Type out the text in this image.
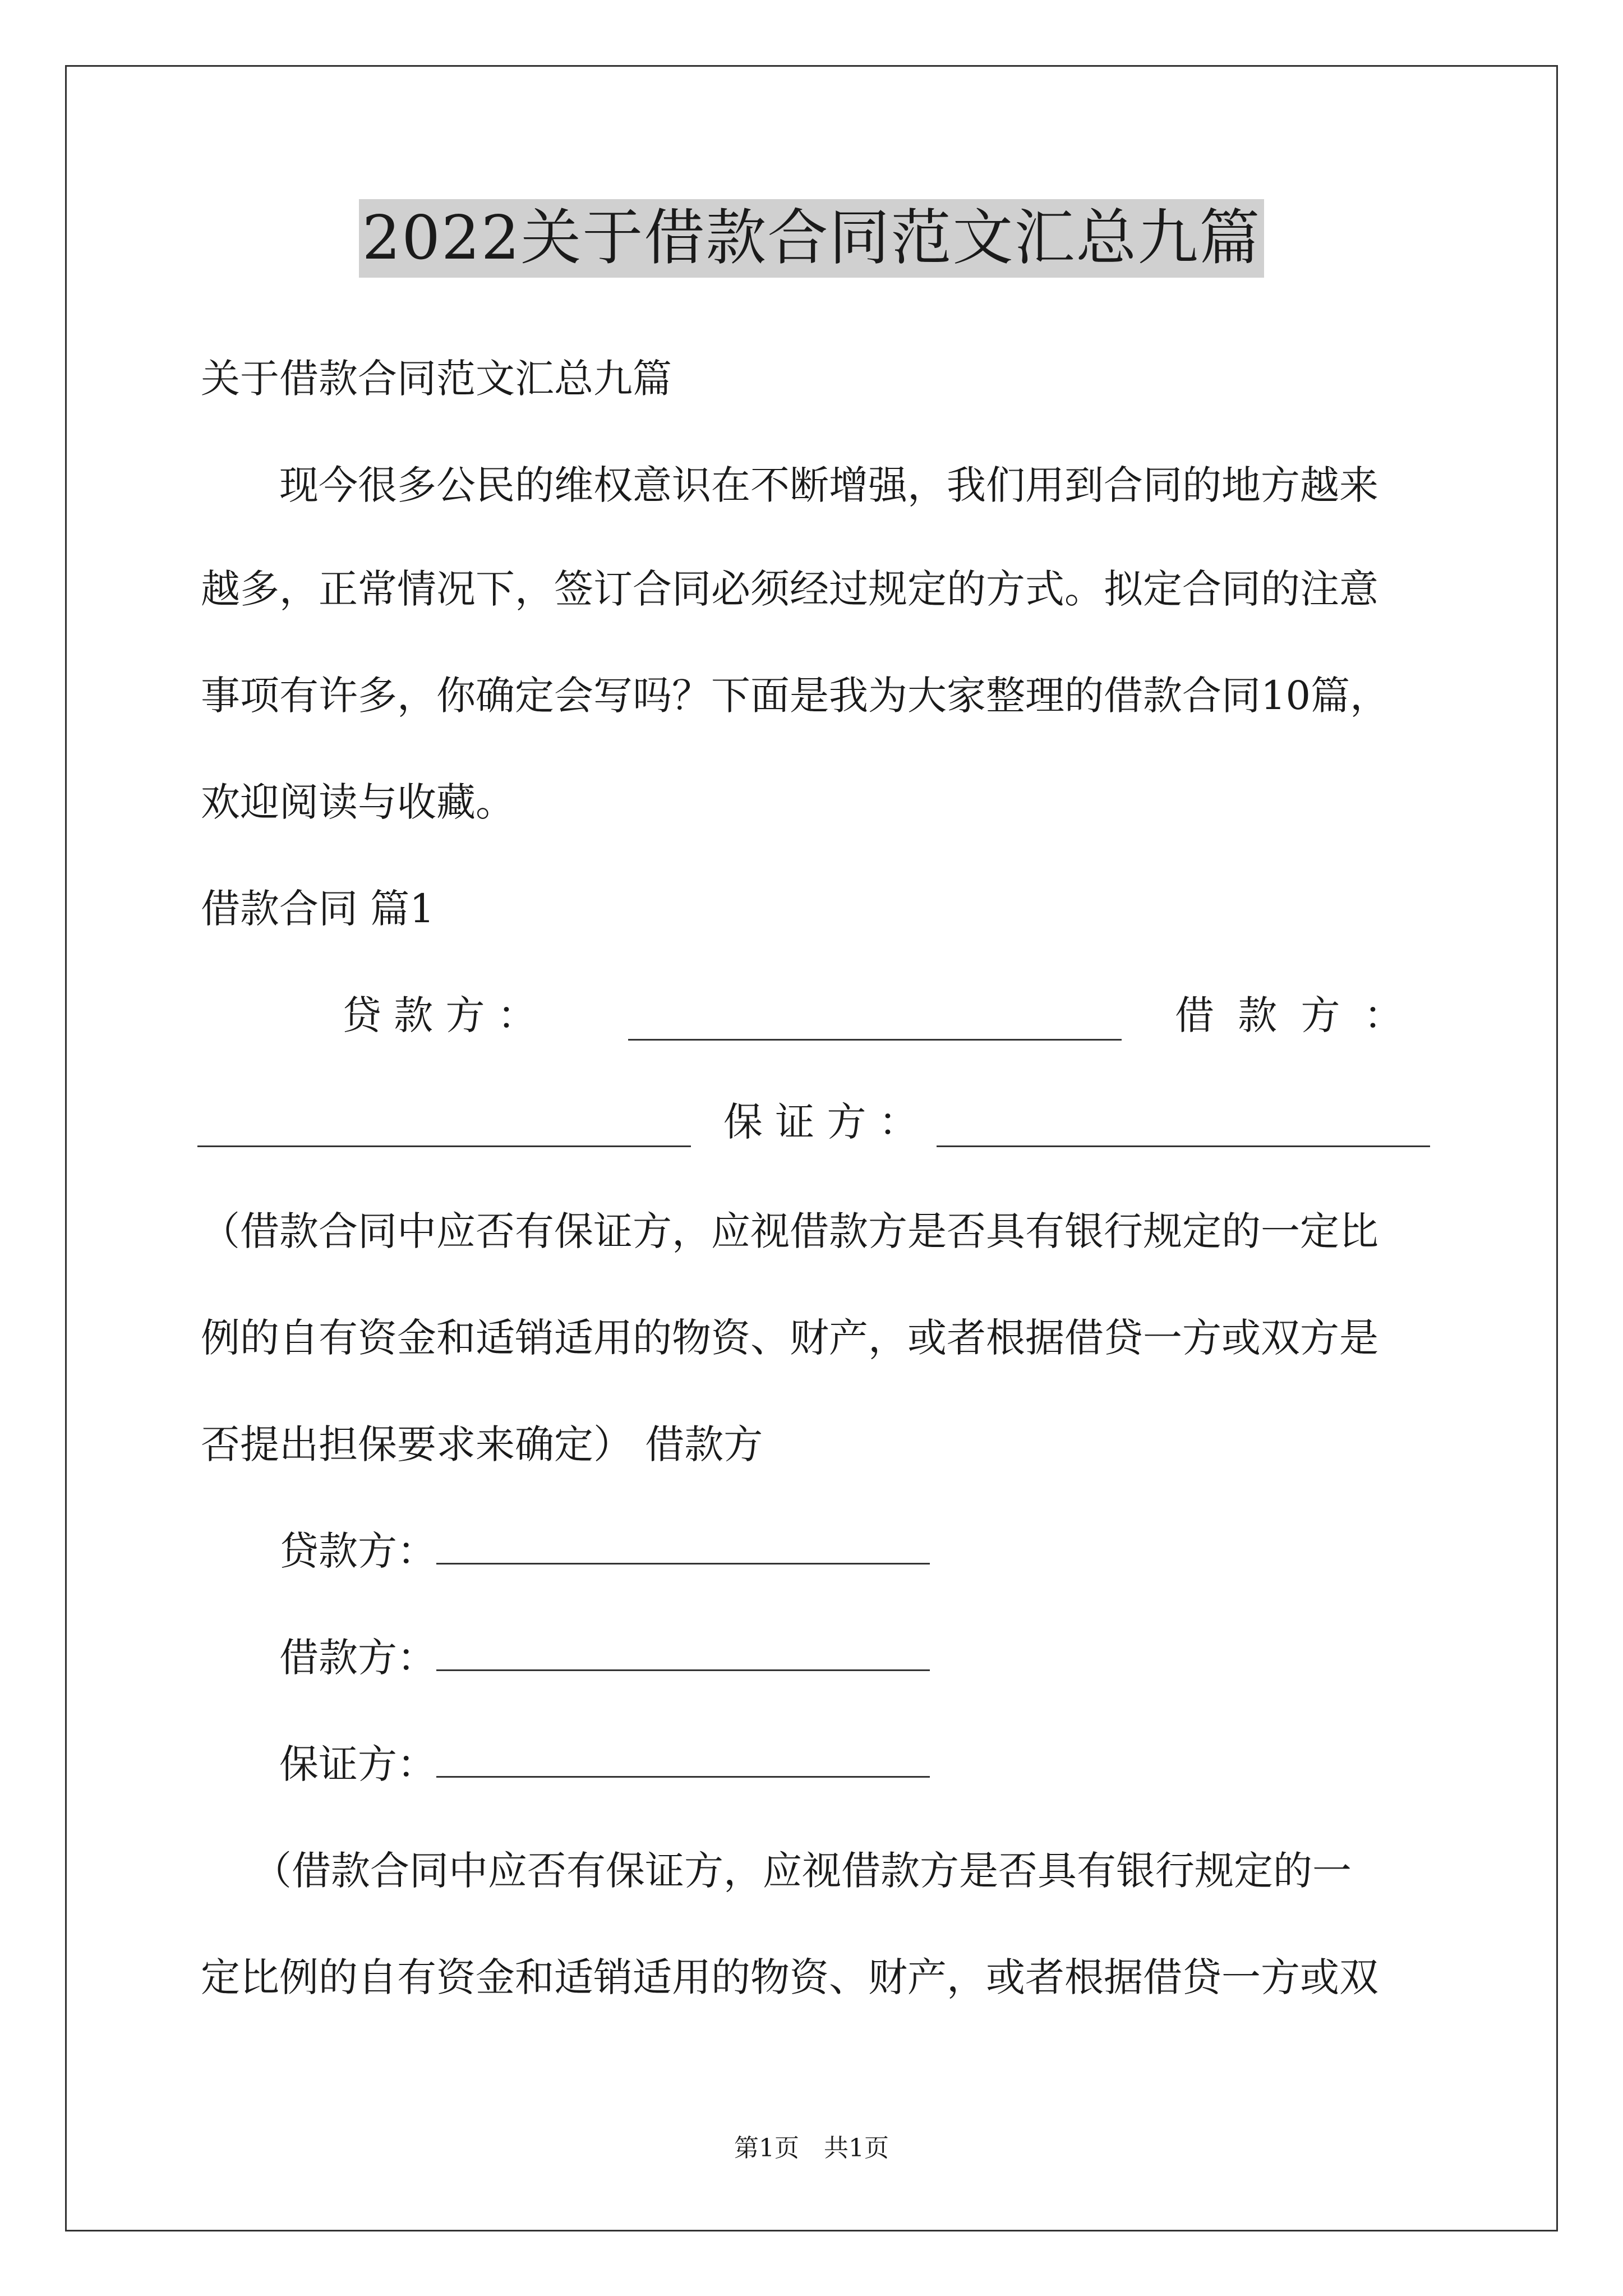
2022关于借款合同范文汇总九篇
关于借款合同范文汇总九篇
现今很多公民的维权意识在不断增强，我们用到合同的地方越来
越多，正常情况下，签订合同必须经过规定的方式。拟定合同的注意
事项有许多，你确定会写吗？下面是我为大家整理的借款合同10篇，
欢迎阅读与收藏。
借款合同 篇1
贷 款 方 ：	借 款 方 ：
保 证 方 ：
（借款合同中应否有保证方，应视借款方是否具有银行规定的一定比
例的自有资金和适销适用的物资、财产，或者根据借贷一方或双方是
否提出担保要求来确定） 借款方
贷款方：
借款方：
保证方：
（借款合同中应否有保证方，应视借款方是否具有银行规定的一
定比例的自有资金和适销适用的物资、财产，或者根据借贷一方或双
第1页　共1页
